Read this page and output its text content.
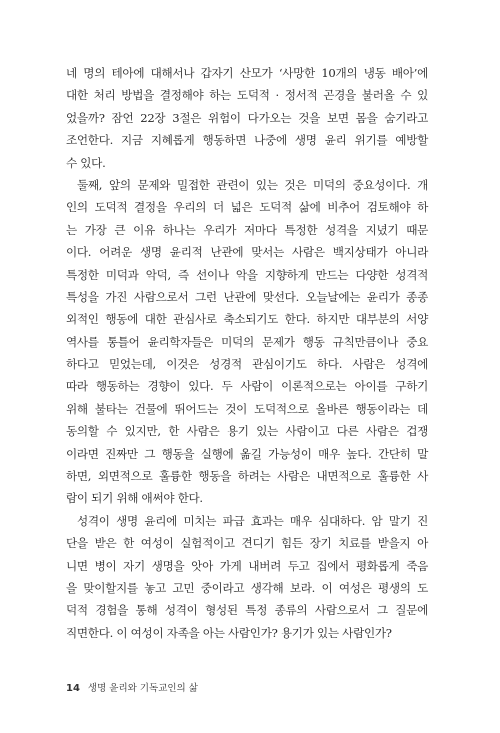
네 명의 테아에 대해서나 갑자기 산모가 ‘사망한 10개의 냉동 배아’에
대한 처리 방법을 결정해야 하는 도덕적 · 정서적 곤경을 불러올 수 있
었을까? 잠언 22장 3절은 위험이 다가오는 것을 보면 몸을 숨기라고
조언한다. 지금 지혜롭게 행동하면 나중에 생명 윤리 위기를 예방할
수 있다.
둘째, 앞의 문제와 밀접한 관련이 있는 것은 미덕의 중요성이다. 개
인의 도덕적 결정을 우리의 더 넓은 도덕적 삶에 비추어 검토해야 하
는 가장 큰 이유 하나는 우리가 저마다 특정한 성격을 지녔기 때문
이다. 어려운 생명 윤리적 난관에 맞서는 사람은 백지상태가 아니라
특정한 미덕과 악덕, 즉 선이나 악을 지향하게 만드는 다양한 성격적
특성을 가진 사람으로서 그런 난관에 맞선다. 오늘날에는 윤리가 종종
외적인 행동에 대한 관심사로 축소되기도 한다. 하지만 대부분의 서양
역사를 통틀어 윤리학자들은 미덕의 문제가 행동 규칙만큼이나 중요
하다고 믿었는데, 이것은 성경적 관심이기도 하다. 사람은 성격에
따라 행동하는 경향이 있다. 두 사람이 이론적으로는 아이를 구하기
위해 불타는 건물에 뛰어드는 것이 도덕적으로 올바른 행동이라는 데
동의할 수 있지만, 한 사람은 용기 있는 사람이고 다른 사람은 겁쟁
이라면 진짜만 그 행동을 실행에 옮길 가능성이 매우 높다. 간단히 말
하면, 외면적으로 훌륭한 행동을 하려는 사람은 내면적으로 훌륭한 사
람이 되기 위해 애써야 한다.
성격이 생명 윤리에 미치는 파급 효과는 매우 심대하다. 암 말기 진
단을 받은 한 여성이 실험적이고 견디기 힘든 장기 치료를 받을지 아
니면 병이 자기 생명을 앗아 가게 내버려 두고 집에서 평화롭게 죽음
을 맞이할지를 놓고 고민 중이라고 생각해 보라. 이 여성은 평생의 도
덕적 경험을 통해 성격이 형성된 특정 종류의 사람으로서 그 질문에
직면한다. 이 여성이 자족을 아는 사람인가? 용기가 있는 사람인가?
14 생명 윤리와 기독교인의 삶
